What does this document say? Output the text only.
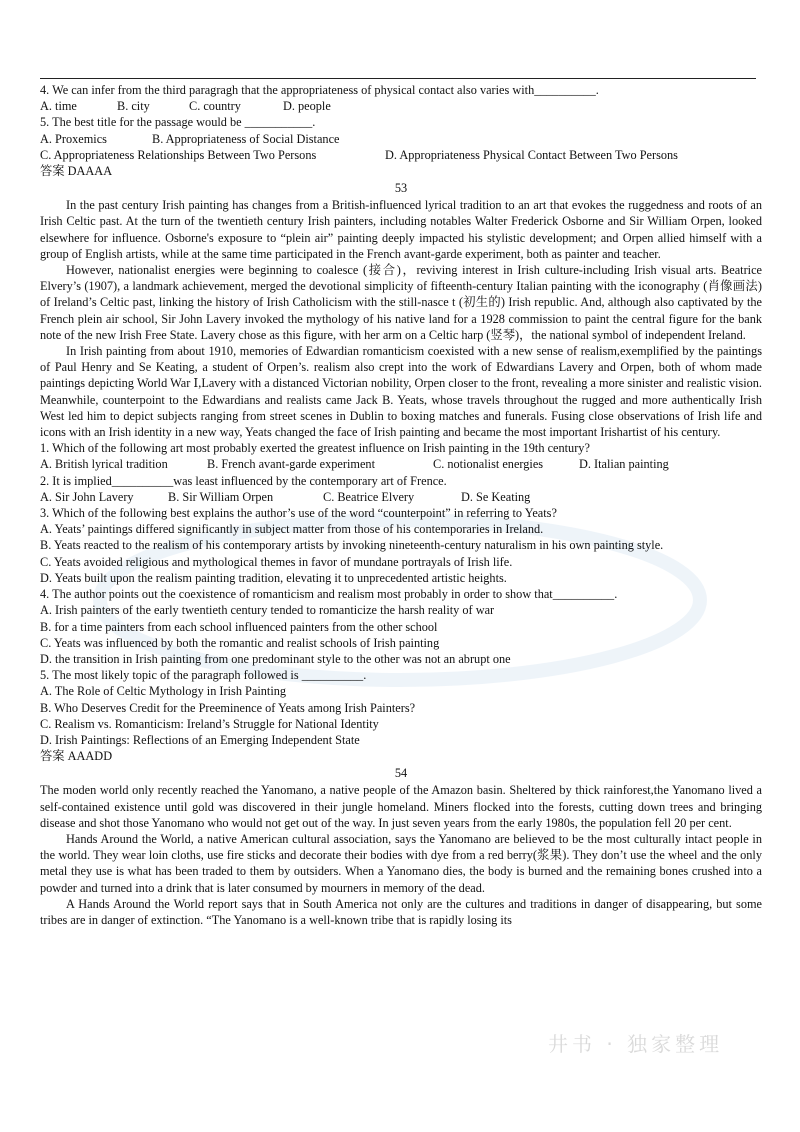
4. We can infer from the third paragragh that the appropriateness of physical contact also varies with__________.
A. time	B. city	C. country	D. people
5. The best title for the passage would be ___________.
A. Proxemics	B. Appropriateness of Social Distance
C. Appropriateness Relationships Between Two Persons	D. Appropriateness Physical Contact Between Two Persons
答案 DAAAA
53

In the past century Irish painting has changes from a British-influenced lyrical tradition to an art that evokes the ruggedness and roots of an Irish Celtic past. At the turn of the twentieth century Irish painters, including notables Walter Frederick Osborne and Sir William Orpen, looked elsewhere for influence. Osborne's exposure to “plein air” painting deeply impacted his stylistic development; and Orpen allied himself with a group of English artists, while at the same time participated in the French avant-garde experiment, both as painter and teacher.

However, nationalist energies were beginning to coalesce (接合)，reviving interest in Irish culture-including Irish visual arts. Beatrice Elvery’s (1907), a landmark achievement, merged the devotional simplicity of fifteenth-century Italian painting with the iconography (肖像画法) of Ireland’s Celtic past, linking the history of Irish Catholicism with the still-nasce t (初生的) Irish republic. And, although also captivated by the French plein air school, Sir John Lavery invoked the mythology of his native land for a 1928 commission to paint the central figure for the bank note of the new Irish Free State. Lavery chose as this figure, with her arm on a Celtic harp (竖琴)，the national symbol of independent Ireland.

In Irish painting from about 1910, memories of Edwardian romanticism coexisted with a new sense of realism,exemplified by the paintings of Paul Henry and Se Keating, a student of Orpen’s. realism also crept into the work of Edwardians Lavery and Orpen, both of whom made paintings depicting World War Ⅰ,Lavery with a distanced Victorian nobility, Orpen closer to the front, revealing a more sinister and realistic vision. Meanwhile, counterpoint to the Edwardians and realists came Jack B. Yeats, whose travels throughout the rugged and more authentically Irish West led him to depict subjects ranging from street scenes in Dublin to boxing matches and funerals. Fusing close observations of Irish life and icons with an Irish identity in a new way, Yeats changed the face of Irish painting and became the most important Irishartist of his century.

1. Which of the following art most probably exerted the greatest influence on Irish painting in the 19th century?
A. British lyrical tradition	B. French avant-garde experiment	C. notionalist energies	D. Italian painting
2. It is implied__________was least influenced by the contemporary art of Frence.
A. Sir John Lavery	B. Sir William Orpen	C. Beatrice Elvery	D. Se Keating
3. Which of the following best explains the author’s use of the word “counterpoint” in referring to Yeats?
A. Yeats’ paintings differed significantly in subject matter from those of his contemporaries in Ireland.
B. Yeats reacted to the realism of his contemporary artists by invoking nineteenth-century naturalism in his own painting style.
C. Yeats avoided religious and mythological themes in favor of mundane portrayals of Irish life.
D. Yeats built upon the realism painting tradition, elevating it to unprecedented artistic heights.
4. The author points out the coexistence of romanticism and realism most probably in order to show that__________.
A. Irish painters of the early twentieth century tended to romanticize the harsh reality of war
B. for a time painters from each school influenced painters from the other school
C. Yeats was influenced by both the romantic and realist schools of Irish painting
D. the transition in Irish painting from one predominant style to the other was not an abrupt one
5. The most likely topic of the paragraph followed is __________.
A. The Role of Celtic Mythology in Irish Painting
B. Who Deserves Credit for the Preeminence of Yeats among Irish Painters?
C. Realism vs. Romanticism: Ireland’s Struggle for National Identity
D. Irish Paintings: Reflections of an Emerging Independent State
答案 AAADD
54

The moden world only recently reached the Yanomano, a native people of the Amazon basin. Sheltered by thick rainforest,the Yanomano lived a self-contained existence until gold was discovered in their jungle homeland. Miners flocked into the forests, cutting down trees and bringing disease and shot those Yanomano who would not get out of the way. In just seven years from the early 1980s, the population fell 20 per cent.

Hands Around the World, a native American cultural association, says the Yanomano are believed to be the most culturally intact people in the world. They wear loin cloths, use fire sticks and decorate their bodies with dye from a red berry(浆果). They don’t use the wheel and the only metal they use is what has been traded to them by outsiders. When a Yanomano dies, the body is burned and the remaining bones crushed into a powder and turned into a drink that is later consumed by mourners in memory of the dead.

A Hands Around the World report says that in South America not only are the cultures and traditions in danger of disappearing, but some tribes are in danger of extinction. “The Yanomano is a well-known tribe that is rapidly losing its

井书 · 独家整理
